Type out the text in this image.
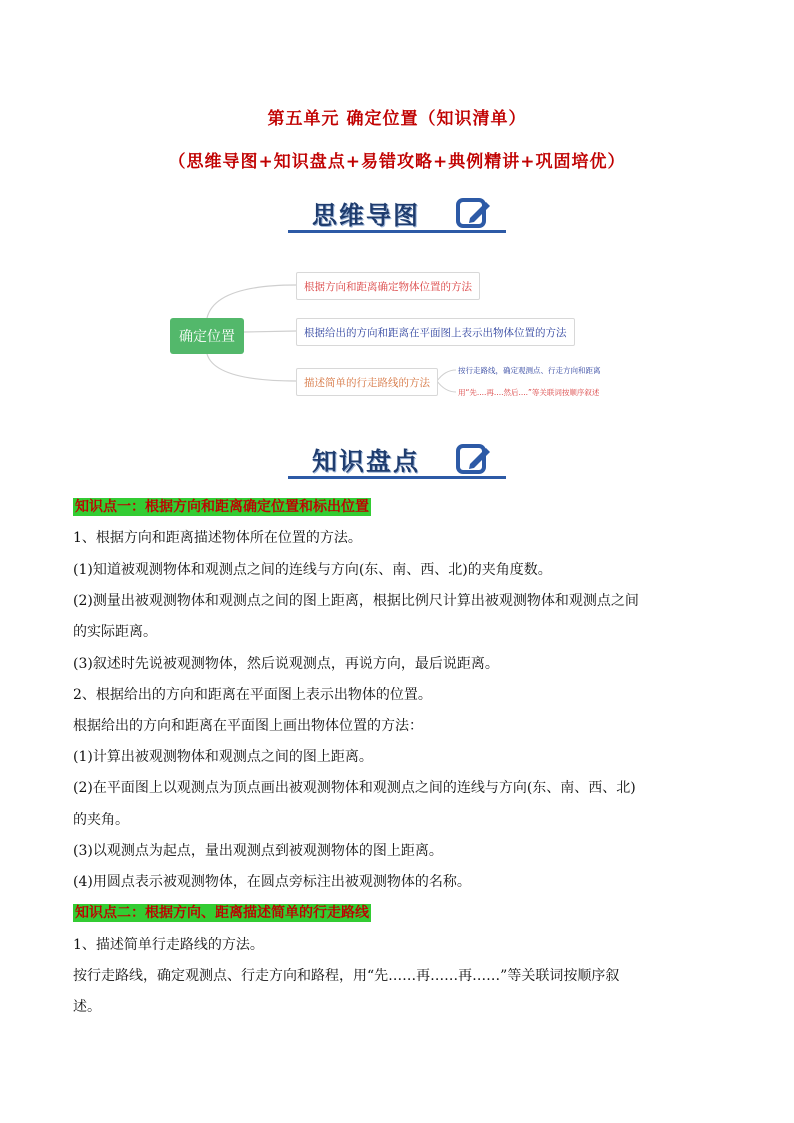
第五单元 确定位置（知识清单）
（思维导图+知识盘点+易错攻略+典例精讲+巩固培优）
思维导图
确定位置
根据方向和距离确定物体位置的方法
根据给出的方向和距离在平面图上表示出物体位置的方法
描述简单的行走路线的方法
按行走路线，确定观测点、行走方向和距离
用“先....再....然后....”等关联词按顺序叙述
知识盘点
知识点一：根据方向和距离确定位置和标出位置
1、根据方向和距离描述物体所在位置的方法。
(1)知道被观测物体和观测点之间的连线与方向(东、南、西、北)的夹角度数。
(2)测量出被观测物体和观测点之间的图上距离，根据比例尺计算出被观测物体和观测点之间
的实际距离。
(3)叙述时先说被观测物体，然后说观测点，再说方向，最后说距离。
2、根据给出的方向和距离在平面图上表示出物体的位置。
根据给出的方向和距离在平面图上画出物体位置的方法：
(1)计算出被观测物体和观测点之间的图上距离。
(2)在平面图上以观测点为顶点画出被观测物体和观测点之间的连线与方向(东、南、西、北)
的夹角。
(3)以观测点为起点，量出观测点到被观测物体的图上距离。
(4)用圆点表示被观测物体，在圆点旁标注出被观测物体的名称。
知识点二：根据方向、距离描述简单的行走路线
1、描述简单行走路线的方法。
按行走路线，确定观测点、行走方向和路程，用“先……再……再……”等关联词按顺序叙
述。
